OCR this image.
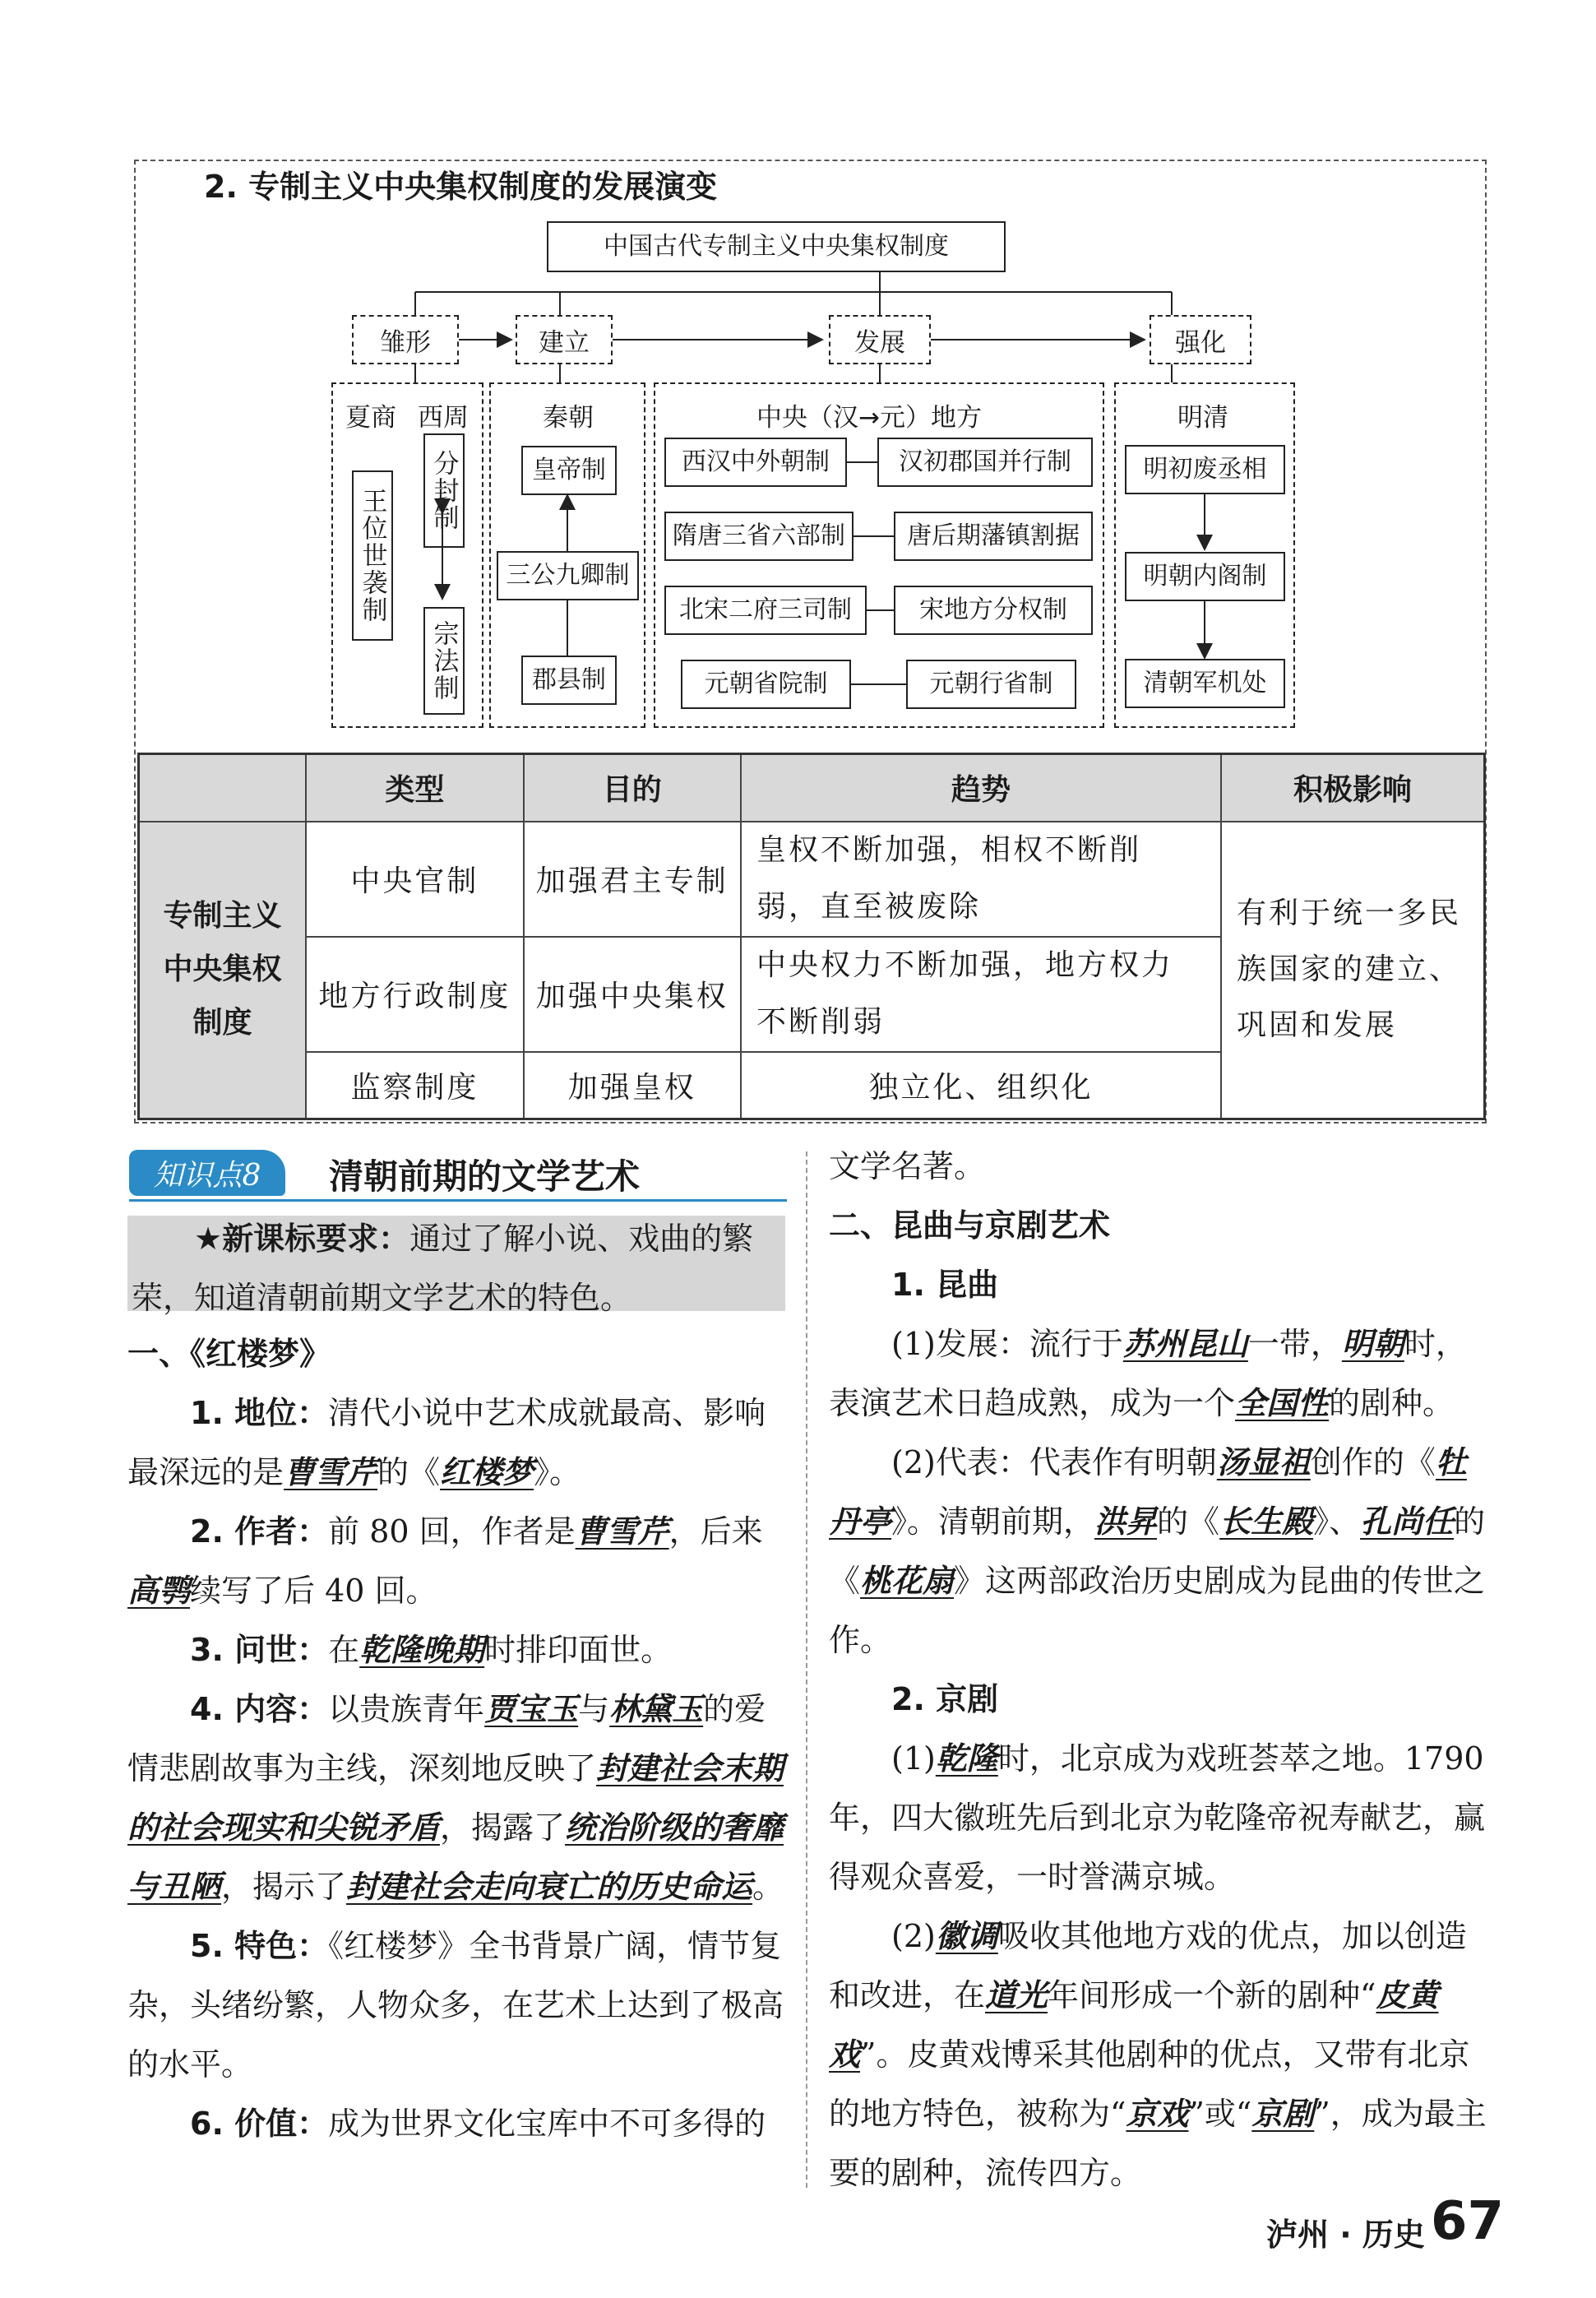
2. 专制主义中央集权制度的发展演变
中国古代专制主义中央集权制度
雏形	建立	发展	强化
夏商 西周
王位世袭制 分封制
宗法制
秦朝
皇帝制
三公九卿制
郡县制
中央（汉→元）地方
西汉中外朝制	汉初郡国并行制
隋唐三省六部制	唐后期藩镇割据
北宋二府三司制	宋地方分权制
元朝省院制	元朝行省制
明清
明初废丞相
明朝内阁制
清朝军机处
	类型	目的	趋势	积极影响

专制主义
中央集权
制度	中央官制	加强君主专制	皇权不断加强，相权不断削弱，直至被废除	有利于统一多民族国家的建立、巩固和发展
	地方行政制度	加强中央集权	中央权力不断加强，地方权力不断削弱	
	监察制度	加强皇权	独立化、组织化	
知识点8	清朝前期的文学艺术

★新课标要求：通过了解小说、戏曲的繁荣，知道清朝前期文学艺术的特色。

一、《红楼梦》

1. 地位：清代小说中艺术成就最高、影响最深远的是曹雪芹的《红楼梦》。

2. 作者：前 80 回，作者是曹雪芹，后来高鹗续写了后 40 回。

3. 问世：在乾隆晚期时排印面世。

4. 内容：以贵族青年贾宝玉与林黛玉的爱情悲剧故事为主线，深刻地反映了封建社会末期的社会现实和尖锐矛盾，揭露了统治阶级的奢靡与丑陋，揭示了封建社会走向衰亡的历史命运。

5. 特色：《红楼梦》全书背景广阔，情节复杂，头绪纷繁，人物众多，在艺术上达到了极高的水平。

6. 价值：成为世界文化宝库中不可多得的

文学名著。

二、昆曲与京剧艺术

1. 昆曲

(1)发展：流行于苏州昆山一带，明朝时，表演艺术日趋成熟，成为一个全国性的剧种。

(2)代表：代表作有明朝汤显祖创作的《牡丹亭》。清朝前期，洪昇的《长生殿》、孔尚任的《桃花扇》这两部政治历史剧成为昆曲的传世之作。

2. 京剧

(1)乾隆时，北京成为戏班荟萃之地。1790年，四大徽班先后到北京为乾隆帝祝寿献艺，赢得观众喜爱，一时誉满京城。

(2)徽调吸收其他地方戏的优点，加以创造和改进，在道光年间形成一个新的剧种“皮黄戏”。皮黄戏博采其他剧种的优点，又带有北京的地方特色，被称为“京戏”或“京剧”，成为最主要的剧种，流传四方。

泸州 · 历史 67
